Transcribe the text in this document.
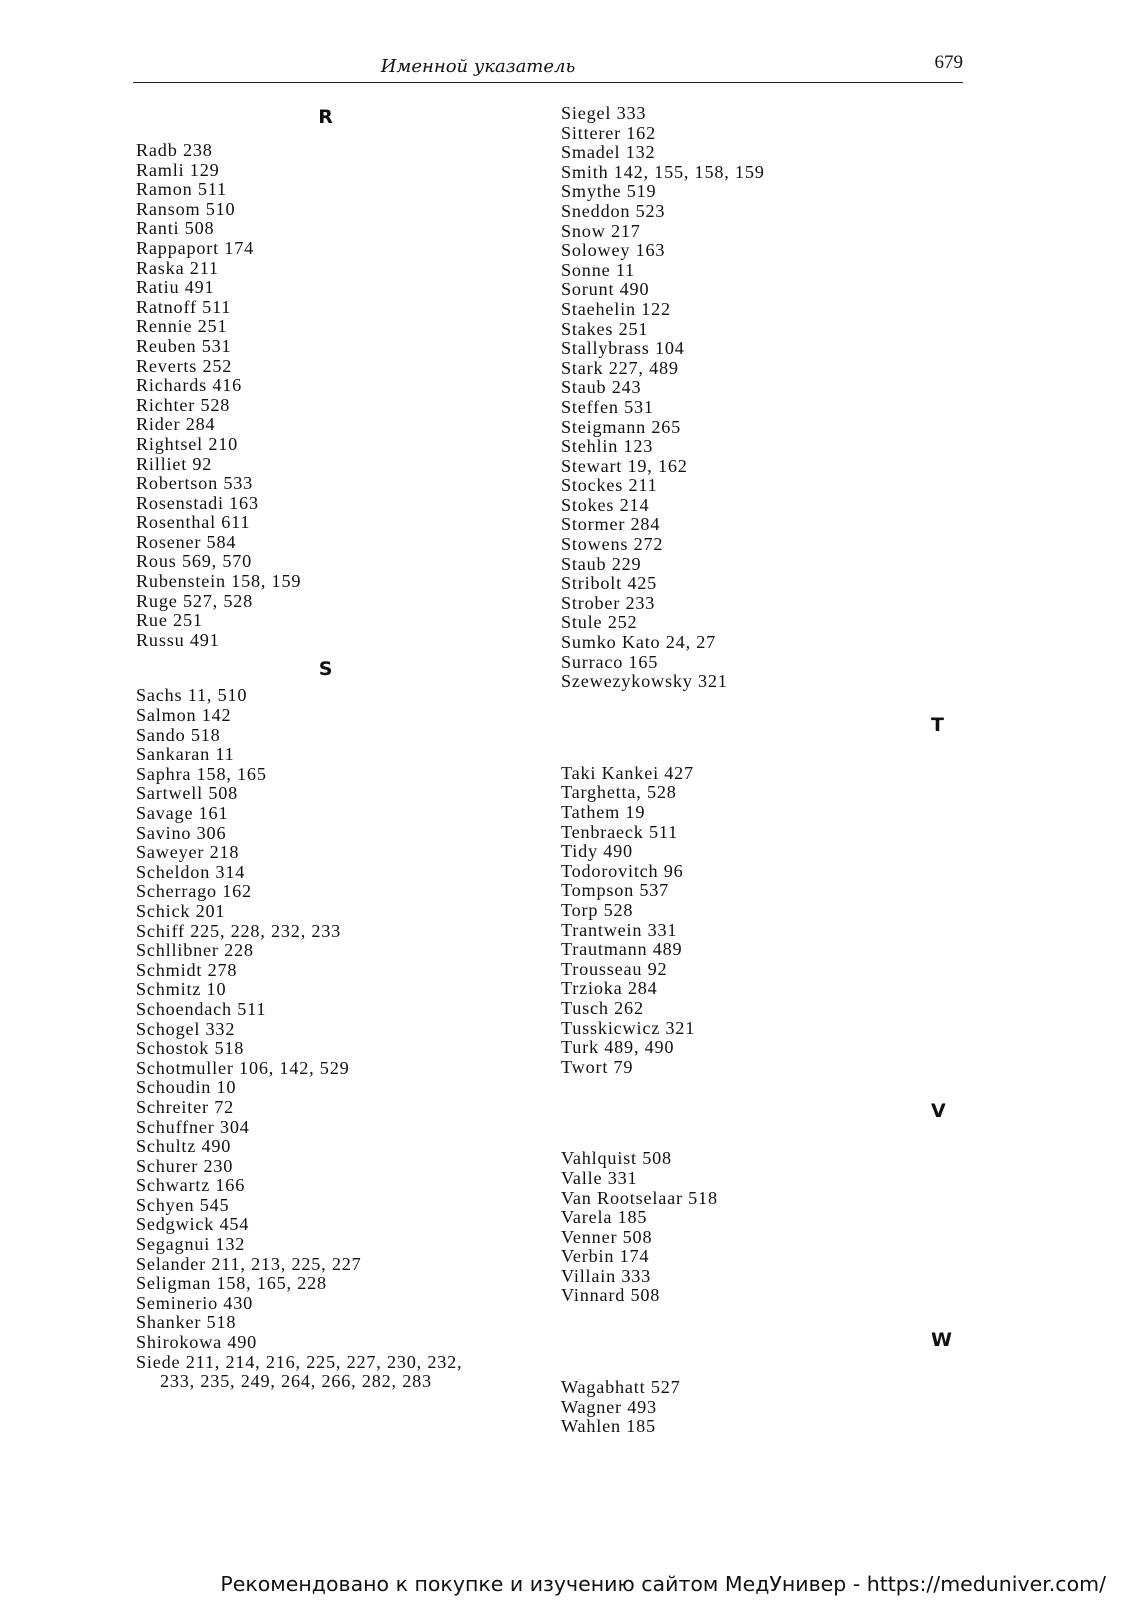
Именной указатель	679
R
Radb 238
Ramli 129
Ramon 511
Ransom 510
Ranti 508
Rappaport 174
Raska 211
Ratiu 491
Ratnoff 511
Rennie 251
Reuben 531
Reverts 252
Richards 416
Richter 528
Rider 284
Rightsel 210
Rilliet 92
Robertson 533
Rosenstadi 163
Rosenthal 611
Rosener 584
Rous 569, 570
Rubenstein 158, 159
Ruge 527, 528
Rue 251
Russu 491
S
Sachs 11, 510
Salmon 142
Sando 518
Sankaran 11
Saphra 158, 165
Sartwell 508
Savage 161
Savino 306
Saweyer 218
Scheldon 314
Scherrago 162
Schick 201
Schiff 225, 228, 232, 233
Schllibner 228
Schmidt 278
Schmitz 10
Schoendach 511
Schogel 332
Schostok 518
Schotmuller 106, 142, 529
Schoudin 10
Schreiter 72
Schuffner 304
Schultz 490
Schurer 230
Schwartz 166
Schyen 545
Sedgwick 454
Segagnui 132
Selander 211, 213, 225, 227
Seligman 158, 165, 228
Seminerio 430
Shanker 518
Shirokowa 490
Siede 211, 214, 216, 225, 227, 230, 232,
233, 235, 249, 264, 266, 282, 283
Siegel 333
Sitterer 162
Smadel 132
Smith 142, 155, 158, 159
Smythe 519
Sneddon 523
Snow 217
Solowey 163
Sonne 11
Sorunt 490
Staehelin 122
Stakes 251
Stallybrass 104
Stark 227, 489
Staub 243
Steffen 531
Steigmann 265
Stehlin 123
Stewart 19, 162
Stockes 211
Stokes 214
Stormer 284
Stowens 272
Staub 229
Stribolt 425
Strober 233
Stule 252
Sumko Kato 24, 27
Surraco 165
Szewezykowsky 321
T
Taki Kankei 427
Targhetta, 528
Tathem 19
Tenbraeck 511
Tidy 490
Todorovitch 96
Tompson 537
Torp 528
Trantwein 331
Trautmann 489
Trousseau 92
Trzioka 284
Tusch 262
Tusskicwicz 321
Turk 489, 490
Twort 79
V
Vahlquist 508
Valle 331
Van Rootselaar 518
Varela 185
Venner 508
Verbin 174
Villain 333
Vinnard 508
W
Wagabhatt 527
Wagner 493
Wahlen 185
Рекомендовано к покупке и изучению сайтом МедУнивер - https://meduniver.com/
